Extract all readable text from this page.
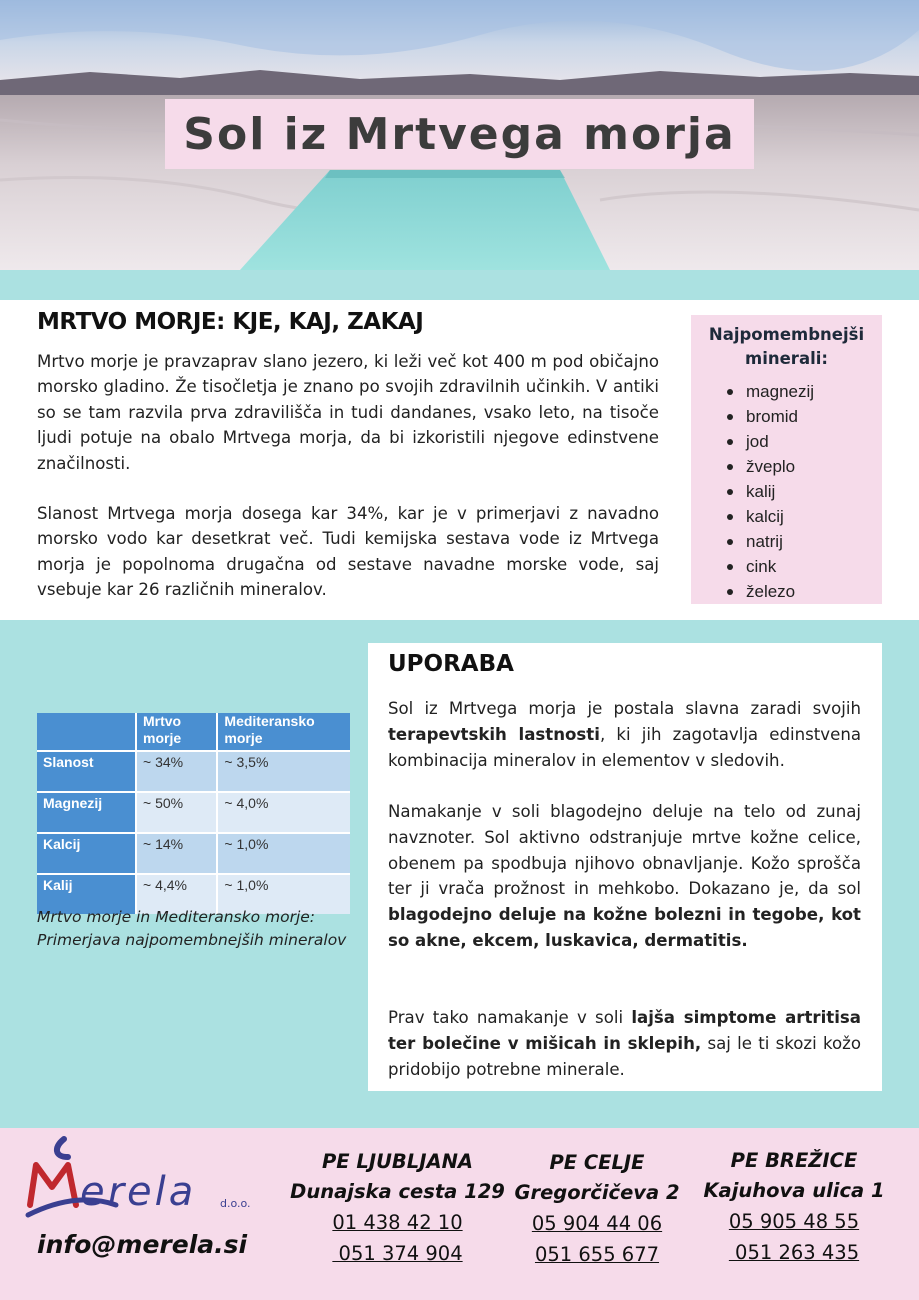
Sol iz Mrtvega morja
MRTVO MORJE: KJE, KAJ, ZAKAJ

Mrtvo morje je pravzaprav slano jezero, ki leži več kot 400 m pod običajno morsko gladino. Že tisočletja je znano po svojih zdravilnih učinkih. V antiki so se tam razvila prva zdravilišča in tudi dandanes, vsako leto, na tisoče ljudi potuje na obalo Mrtvega morja, da bi izkoristili njegove edinstvene značilnosti.

Slanost Mrtvega morja dosega kar 34%, kar je v primerjavi z navadno morsko vodo kar desetkrat več. Tudi kemijska sestava vode iz Mrtvega morja je popolnoma drugačna od sestave navadne morske vode, saj vsebuje kar 26 različnih mineralov.

Najpomembnejši minerali:
magnezij
bromid
jod
žveplo
kalij
kalcij
natrij
cink
železo
	Mrtvo morje	Mediteransko morje
Slanost	~ 34%	~ 3,5%
Magnezij	~ 50%	~ 4,0%
Kalcij	~ 14%	~ 1,0%
Kalij	~ 4,4%	~ 1,0%

Mrtvo morje in Mediteransko morje: Primerjava najpomembnejših mineralov

UPORABA

Sol iz Mrtvega morja je postala slavna zaradi svojih terapevtskih lastnosti, ki jih zagotavlja edinstvena kombinacija mineralov in elementov v sledovih.

Namakanje v soli blagodejno deluje na telo od zunaj navznoter. Sol aktivno odstranjuje mrtve kožne celice, obenem pa spodbuja njihovo obnavljanje. Kožo sprošča ter ji vrača prožnost in mehkobo. Dokazano je, da sol blagodejno deluje na kožne bolezni in tegobe, kot so akne, ekcem, luskavica, dermatitis.

Prav tako namakanje v soli lajša simptome artritisa ter bolečine v mišicah in sklepih, saj le ti skozi kožo pridobijo potrebne minerale.

erela d.o.o.

info@merela.si

PE LJUBLJANA
Dunajska cesta 129
01 438 42 10
051 374 904
PE CELJE
Gregorčičeva 2
05 904 44 06
051 655 677
PE BREŽICE
Kajuhova ulica 1
05 905 48 55
051 263 435
